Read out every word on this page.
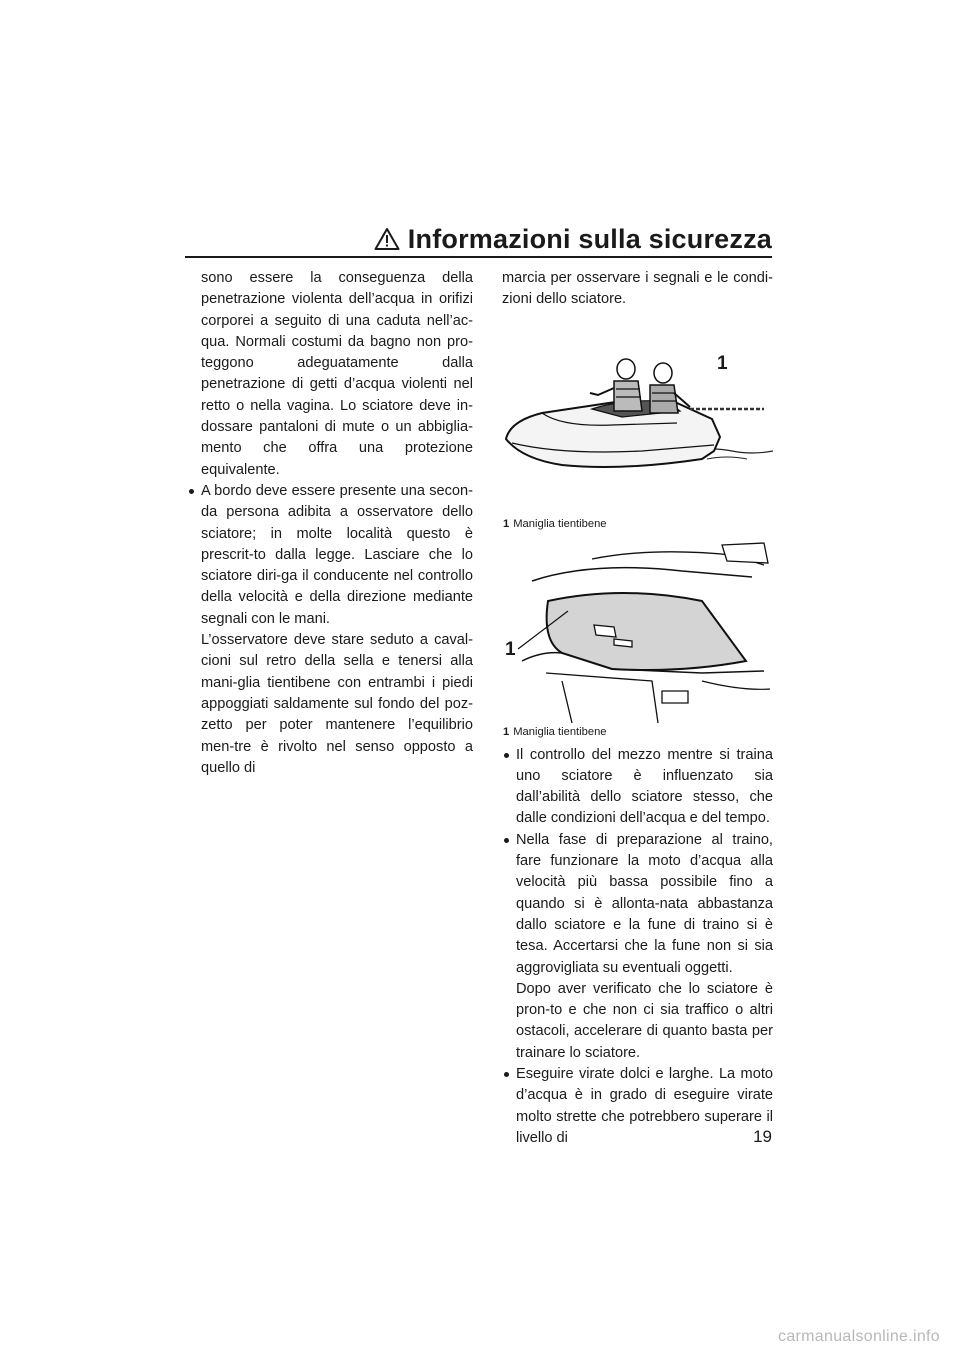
Informazioni sulla sicurezza

sono essere la conseguenza della penetrazione violenta dell’acqua in orifizi corporei a seguito di una caduta nell’ac-qua. Normali costumi da bagno non pro-teggono adeguatamente dalla penetrazione di getti d’acqua violenti nel retto o nella vagina. Lo sciatore deve in-dossare pantaloni di mute o un abbiglia-mento che offra una protezione equivalente.

A bordo deve essere presente una secon-da persona adibita a osservatore dello sciatore; in molte località questo è prescrit-to dalla legge. Lasciare che lo sciatore diri-ga il conducente nel controllo della velocità e della direzione mediante segnali con le mani.

L’osservatore deve stare seduto a caval-cioni sul retro della sella e tenersi alla mani-glia tientibene con entrambi i piedi appoggiati saldamente sul fondo del poz-zetto per poter mantenere l’equilibrio men-tre è rivolto nel senso opposto a quello di

marcia per osservare i segnali e le condi-zioni dello sciatore.

1

1 Maniglia tientibene

1

1 Maniglia tientibene

Il controllo del mezzo mentre si traina uno sciatore è influenzato sia dall’abilità dello sciatore stesso, che dalle condizioni dell’acqua e del tempo.

Nella fase di preparazione al traino, fare funzionare la moto d’acqua alla velocità più bassa possibile fino a quando si è allonta-nata abbastanza dallo sciatore e la fune di traino si è tesa. Accertarsi che la fune non si sia aggrovigliata su eventuali oggetti.

Dopo aver verificato che lo sciatore è pron-to e che non ci sia traffico o altri ostacoli, accelerare di quanto basta per trainare lo sciatore.

Eseguire virate dolci e larghe. La moto d’acqua è in grado di eseguire virate molto strette che potrebbero superare il livello di	19
carmanualsonline.info
